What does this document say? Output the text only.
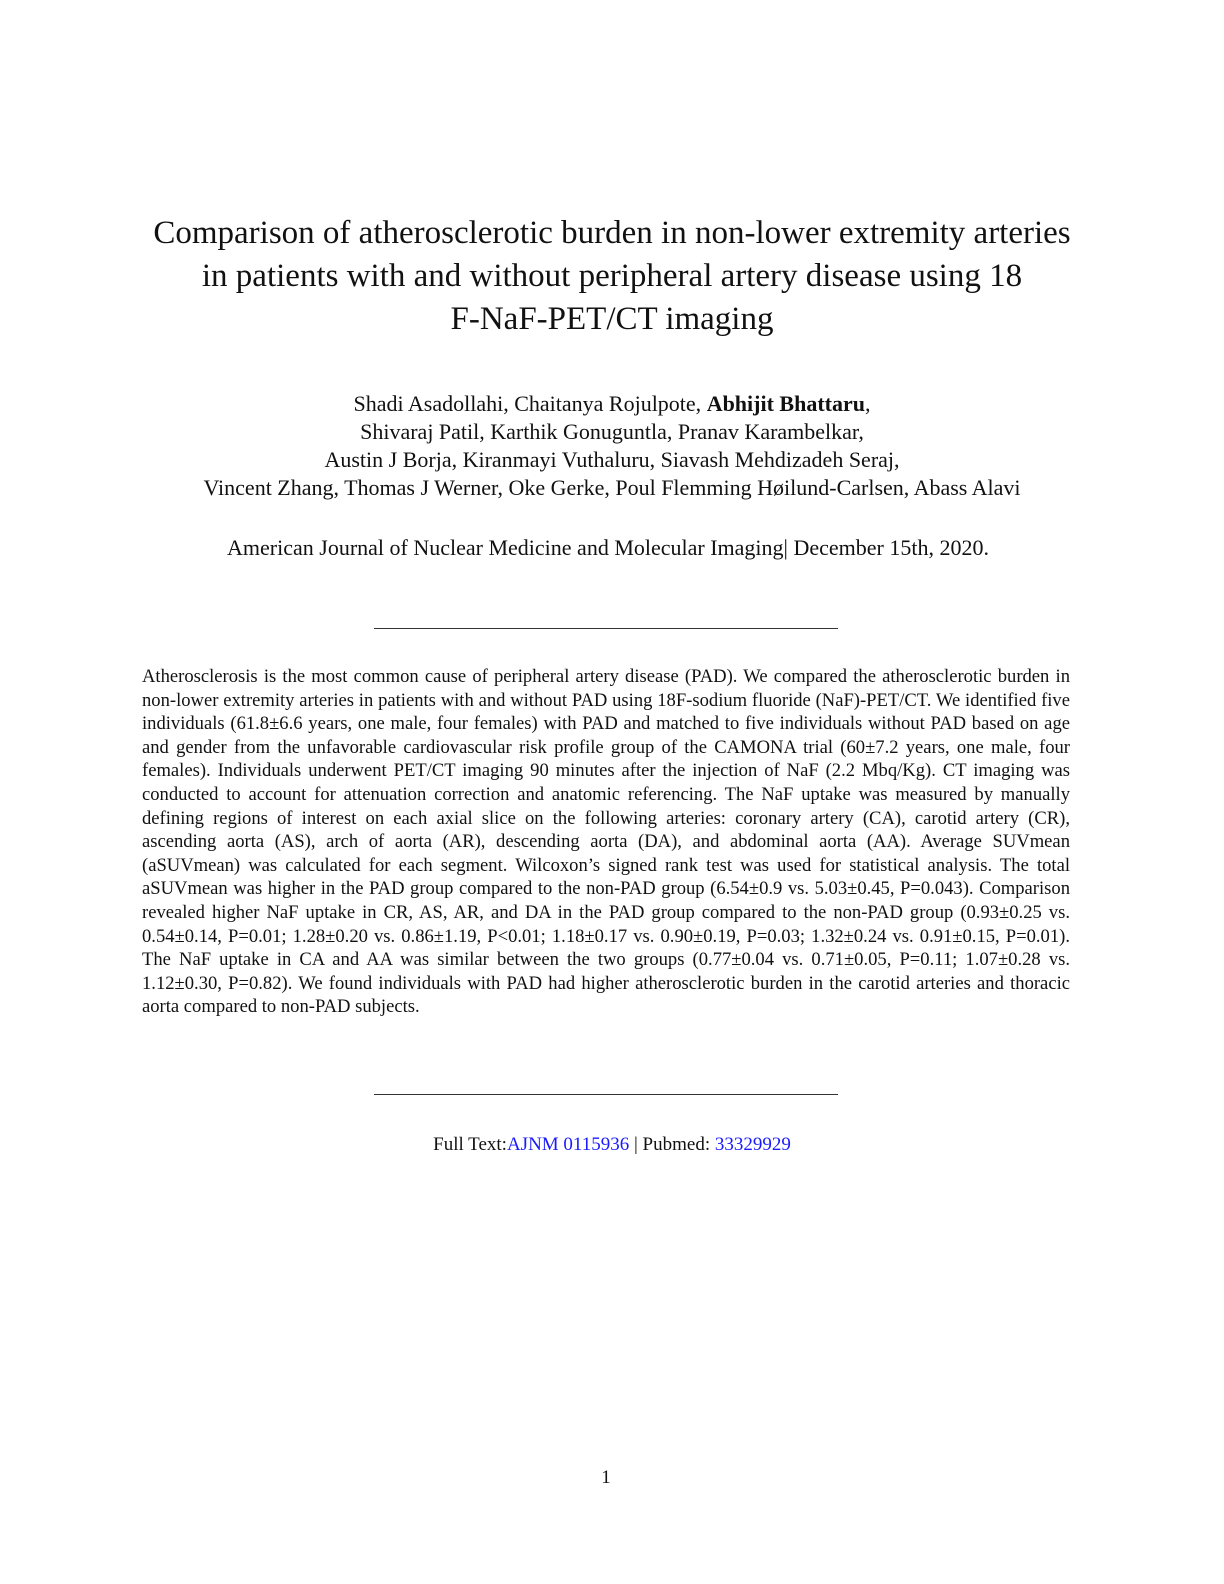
Comparison of atherosclerotic burden in non-lower extremity arteries
in patients with and without peripheral artery disease using 18
F-NaF-PET/CT imaging
Shadi Asadollahi, Chaitanya Rojulpote, Abhijit Bhattaru,
Shivaraj Patil, Karthik Gonuguntla, Pranav Karambelkar,
Austin J Borja, Kiranmayi Vuthaluru, Siavash Mehdizadeh Seraj,
Vincent Zhang, Thomas J Werner, Oke Gerke, Poul Flemming Høilund-Carlsen, Abass Alavi
American Journal of Nuclear Medicine and Molecular Imaging| December 15th, 2020.

Atherosclerosis is the most common cause of peripheral artery disease (PAD). We compared the atherosclerotic burden in non-lower extremity arteries in patients with and without PAD using 18F-sodium fluoride (NaF)-PET/CT. We identified five individuals (61.8±6.6 years, one male, four females) with PAD and matched to five individuals without PAD based on age and gender from the unfavorable cardiovascular risk profile group of the CAMONA trial (60±7.2 years, one male, four females). Individuals underwent PET/CT imaging 90 minutes after the injection of NaF (2.2 Mbq/Kg). CT imaging was conducted to account for attenuation correction and anatomic referencing. The NaF uptake was measured by manually defining regions of interest on each axial slice on the following arteries: coronary artery (CA), carotid artery (CR), ascending aorta (AS), arch of aorta (AR), descending aorta (DA), and abdominal aorta (AA). Average SUVmean (aSUVmean) was calculated for each segment. Wilcoxon’s signed rank test was used for statistical analysis. The total aSUVmean was higher in the PAD group compared to the non-PAD group (6.54±0.9 vs. 5.03±0.45, P=0.043). Comparison revealed higher NaF uptake in CR, AS, AR, and DA in the PAD group compared to the non-PAD group (0.93±0.25 vs. 0.54±0.14, P=0.01; 1.28±0.20 vs. 0.86±1.19, P<0.01; 1.18±0.17 vs. 0.90±0.19, P=0.03; 1.32±0.24 vs. 0.91±0.15, P=0.01). The NaF uptake in CA and AA was similar between the two groups (0.77±0.04 vs. 0.71±0.05, P=0.11; 1.07±0.28 vs. 1.12±0.30, P=0.82). We found individuals with PAD had higher atherosclerotic burden in the carotid arteries and thoracic aorta compared to non-PAD subjects.

Full Text:AJNM 0115936 | Pubmed: 33329929
1
